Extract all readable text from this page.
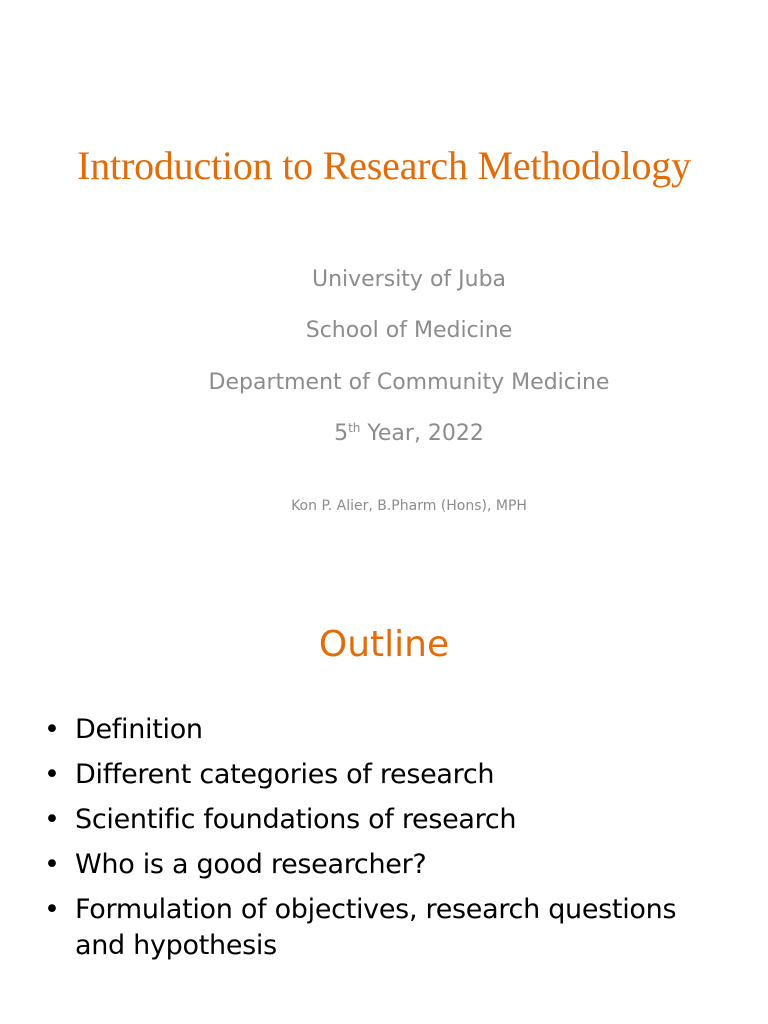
Introduction to Research Methodology

University of Juba

School of Medicine

Department of Community Medicine

5th Year, 2022

Kon P. Alier, B.Pharm (Hons), MPH

Outline
• Definition
• Different categories of research
• Scientific foundations of research
• Who is a good researcher?
• Formulation of objectives, research questions and hypothesis
